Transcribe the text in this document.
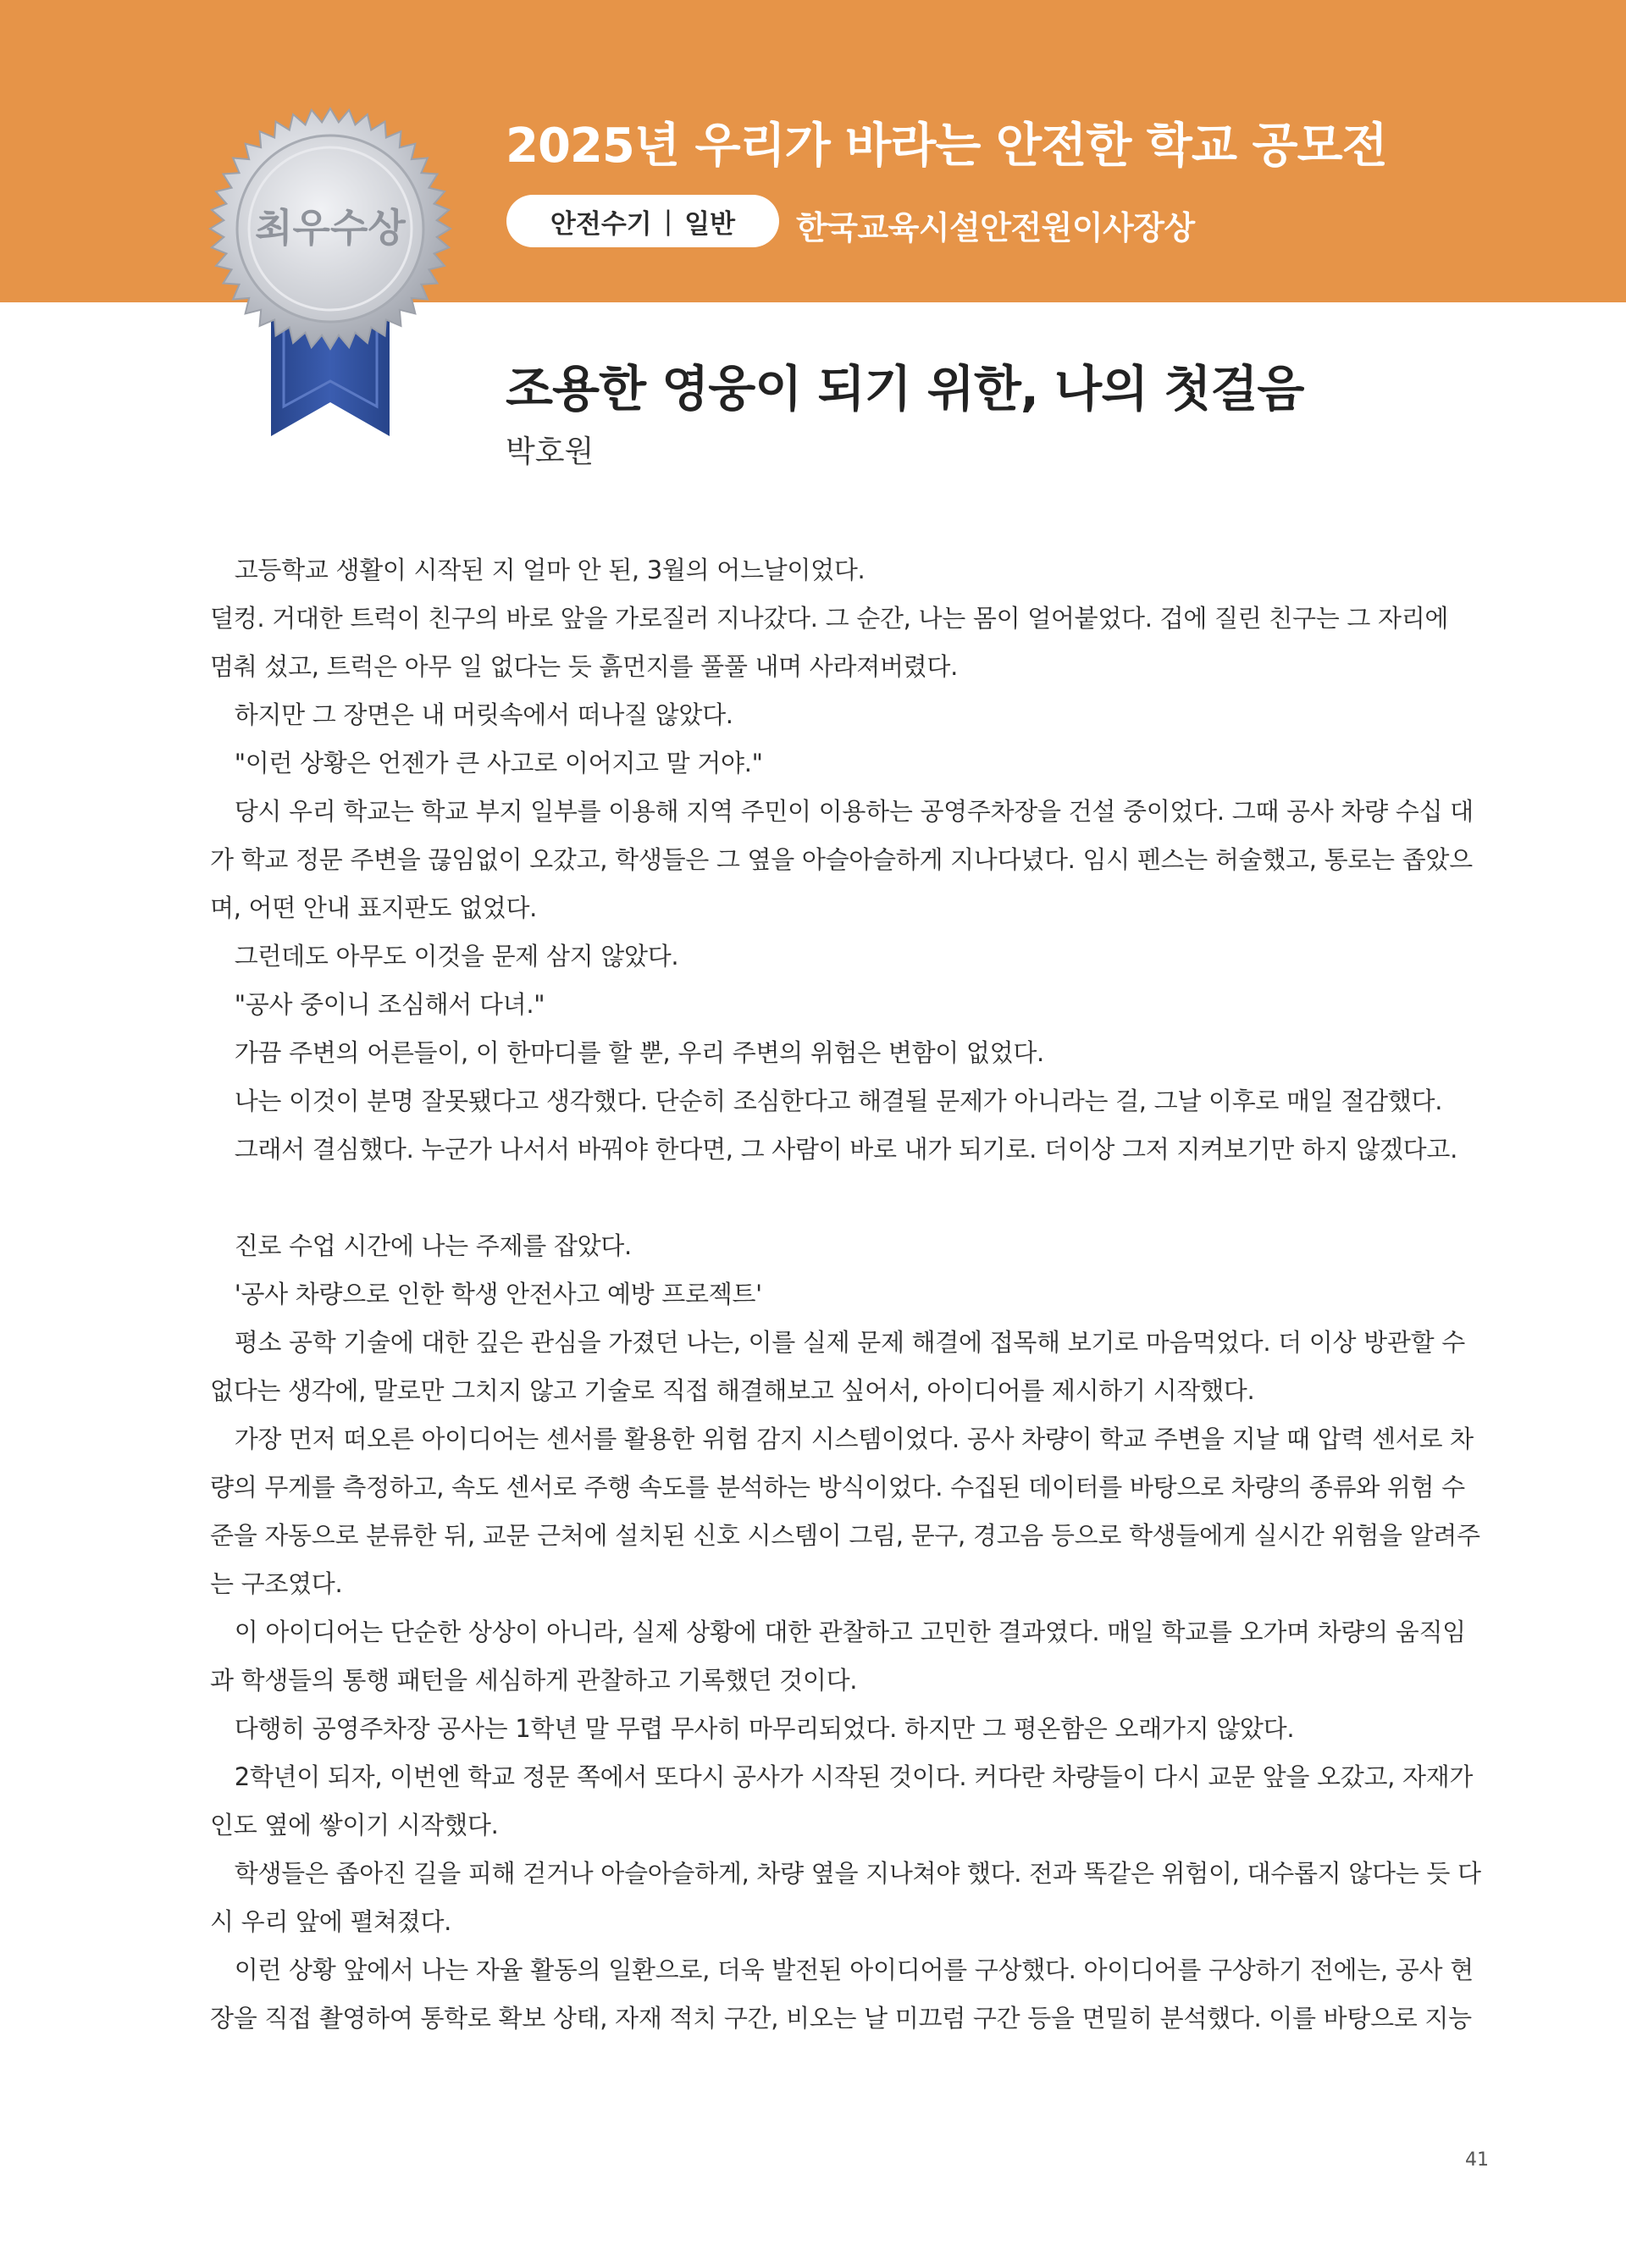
최우수상
2025년 우리가 바라는 안전한 학교 공모전
안전수기 | 일반 한국교육시설안전원이사장상
조용한 영웅이 되기 위한, 나의 첫걸음
박호원

　고등학교 생활이 시작된 지 얼마 안 된, 3월의 어느날이었다.

덜컹. 거대한 트럭이 친구의 바로 앞을 가로질러 지나갔다. 그 순간, 나는 몸이 얼어붙었다. 겁에 질린 친구는 그 자리에

멈춰 섰고, 트럭은 아무 일 없다는 듯 흙먼지를 풀풀 내며 사라져버렸다.

　하지만 그 장면은 내 머릿속에서 떠나질 않았다.

　"이런 상황은 언젠가 큰 사고로 이어지고 말 거야."

　당시 우리 학교는 학교 부지 일부를 이용해 지역 주민이 이용하는 공영주차장을 건설 중이었다. 그때 공사 차량 수십 대

가 학교 정문 주변을 끊임없이 오갔고, 학생들은 그 옆을 아슬아슬하게 지나다녔다. 임시 펜스는 허술했고, 통로는 좁았으

며, 어떤 안내 표지판도 없었다.

　그런데도 아무도 이것을 문제 삼지 않았다.

　"공사 중이니 조심해서 다녀."

　가끔 주변의 어른들이, 이 한마디를 할 뿐, 우리 주변의 위험은 변함이 없었다.

　나는 이것이 분명 잘못됐다고 생각했다. 단순히 조심한다고 해결될 문제가 아니라는 걸, 그날 이후로 매일 절감했다.

　그래서 결심했다. 누군가 나서서 바꿔야 한다면, 그 사람이 바로 내가 되기로. 더이상 그저 지켜보기만 하지 않겠다고.

　진로 수업 시간에 나는 주제를 잡았다.

　'공사 차량으로 인한 학생 안전사고 예방 프로젝트'

　평소 공학 기술에 대한 깊은 관심을 가졌던 나는, 이를 실제 문제 해결에 접목해 보기로 마음먹었다. 더 이상 방관할 수

없다는 생각에, 말로만 그치지 않고 기술로 직접 해결해보고 싶어서, 아이디어를 제시하기 시작했다.

　가장 먼저 떠오른 아이디어는 센서를 활용한 위험 감지 시스템이었다. 공사 차량이 학교 주변을 지날 때 압력 센서로 차

량의 무게를 측정하고, 속도 센서로 주행 속도를 분석하는 방식이었다. 수집된 데이터를 바탕으로 차량의 종류와 위험 수

준을 자동으로 분류한 뒤, 교문 근처에 설치된 신호 시스템이 그림, 문구, 경고음 등으로 학생들에게 실시간 위험을 알려주

는 구조였다.

　이 아이디어는 단순한 상상이 아니라, 실제 상황에 대한 관찰하고 고민한 결과였다. 매일 학교를 오가며 차량의 움직임

과 학생들의 통행 패턴을 세심하게 관찰하고 기록했던 것이다.

　다행히 공영주차장 공사는 1학년 말 무렵 무사히 마무리되었다. 하지만 그 평온함은 오래가지 않았다.

　2학년이 되자, 이번엔 학교 정문 쪽에서 또다시 공사가 시작된 것이다. 커다란 차량들이 다시 교문 앞을 오갔고, 자재가

인도 옆에 쌓이기 시작했다.

　학생들은 좁아진 길을 피해 걷거나 아슬아슬하게, 차량 옆을 지나쳐야 했다. 전과 똑같은 위험이, 대수롭지 않다는 듯 다

시 우리 앞에 펼쳐졌다.

　이런 상황 앞에서 나는 자율 활동의 일환으로, 더욱 발전된 아이디어를 구상했다. 아이디어를 구상하기 전에는, 공사 현

장을 직접 촬영하여 통학로 확보 상태, 자재 적치 구간, 비오는 날 미끄럼 구간 등을 면밀히 분석했다. 이를 바탕으로 지능

41
